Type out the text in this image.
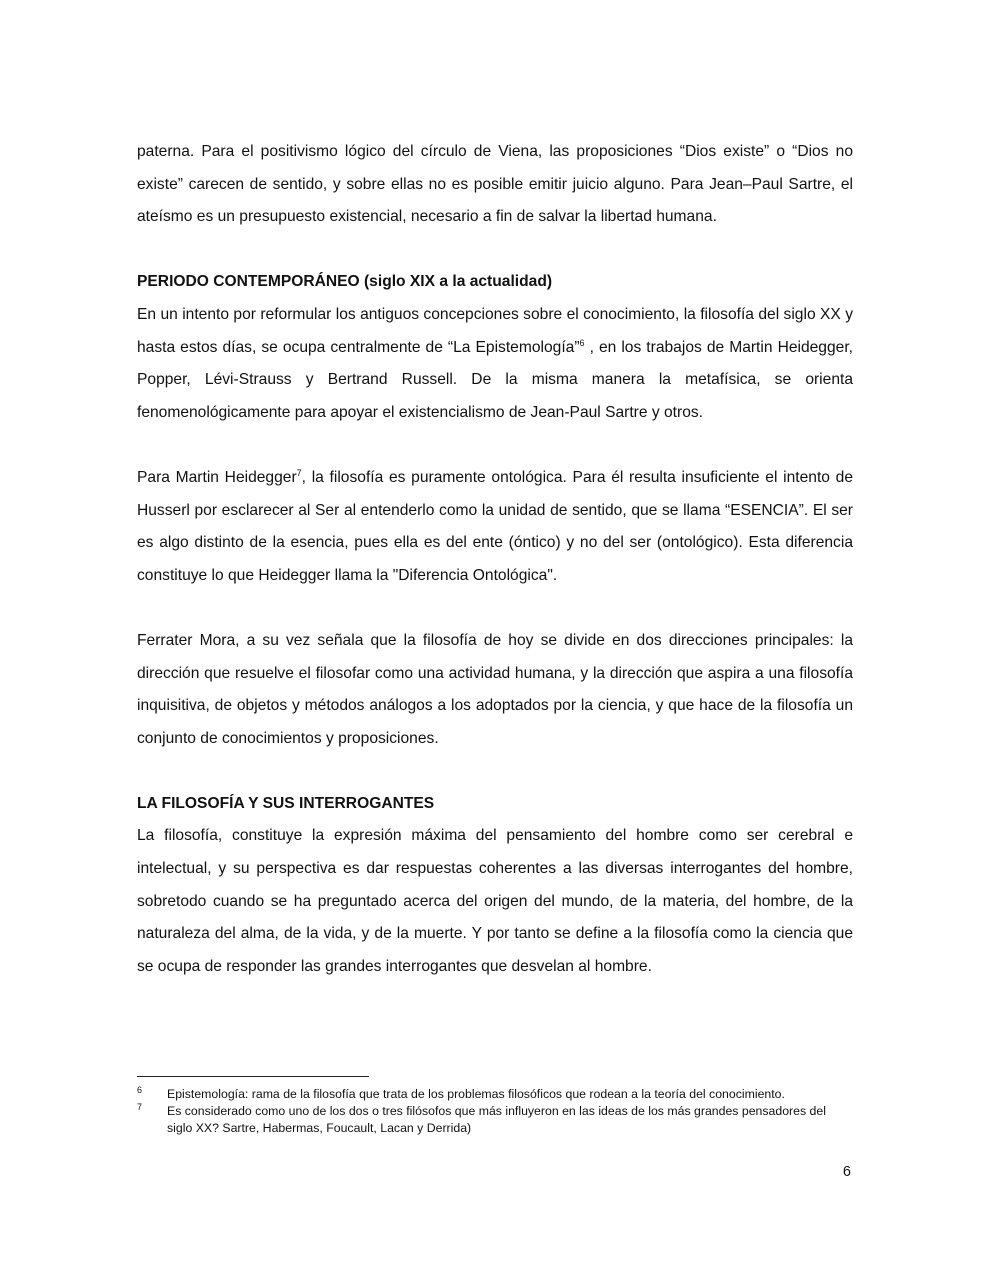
paterna. Para el positivismo lógico del círculo de Viena, las proposiciones “Dios existe” o “Dios no existe” carecen de sentido, y sobre ellas no es posible emitir juicio alguno. Para Jean–Paul Sartre, el ateísmo es un presupuesto existencial, necesario a fin de salvar la libertad humana.

PERIODO CONTEMPORÁNEO (siglo XIX a la actualidad)

En un intento por reformular los antiguos concepciones sobre el conocimiento, la filosofía del siglo XX y hasta estos días, se ocupa centralmente de “La Epistemología”$^6$ , en los trabajos de Martin Heidegger, Popper, Lévi-Strauss y Bertrand Russell. De la misma manera la metafísica, se orienta fenomenológicamente para apoyar el existencialismo de Jean-Paul Sartre y otros.

Para Martin Heidegger$^7$, la filosofía es puramente ontológica. Para él resulta insuficiente el intento de Husserl por esclarecer al Ser al entenderlo como la unidad de sentido, que se llama “ESENCIA”. El ser es algo distinto de la esencia, pues ella es del ente (óntico) y no del ser (ontológico). Esta diferencia constituye lo que Heidegger llama la "Diferencia Ontológica".

Ferrater Mora, a su vez señala que la filosofía de hoy se divide en dos direcciones principales: la dirección que resuelve el filosofar como una actividad humana, y la dirección que aspira a una filosofía inquisitiva, de objetos y métodos análogos a los adoptados por la ciencia, y que hace de la filosofía un conjunto de conocimientos y proposiciones.

LA FILOSOFÍA Y SUS INTERROGANTES

La filosofía, constituye la expresión máxima del pensamiento del hombre como ser cerebral e intelectual, y su perspectiva es dar respuestas coherentes a las diversas interrogantes del hombre, sobretodo cuando se ha preguntado acerca del origen del mundo, de la materia, del hombre, de la naturaleza del alma, de la vida, y de la muerte. Y por tanto se define a la filosofía como la ciencia que se ocupa de responder las grandes interrogantes que desvelan al hombre.

6	Epistemología: rama de la filosofía que trata de los problemas filosóficos que rodean a la teoría del conocimiento.
7	Es considerado como uno de los dos o tres filósofos que más influyeron en las ideas de los más grandes pensadores del siglo XX? Sartre, Habermas, Foucault, Lacan y Derrida)
6
